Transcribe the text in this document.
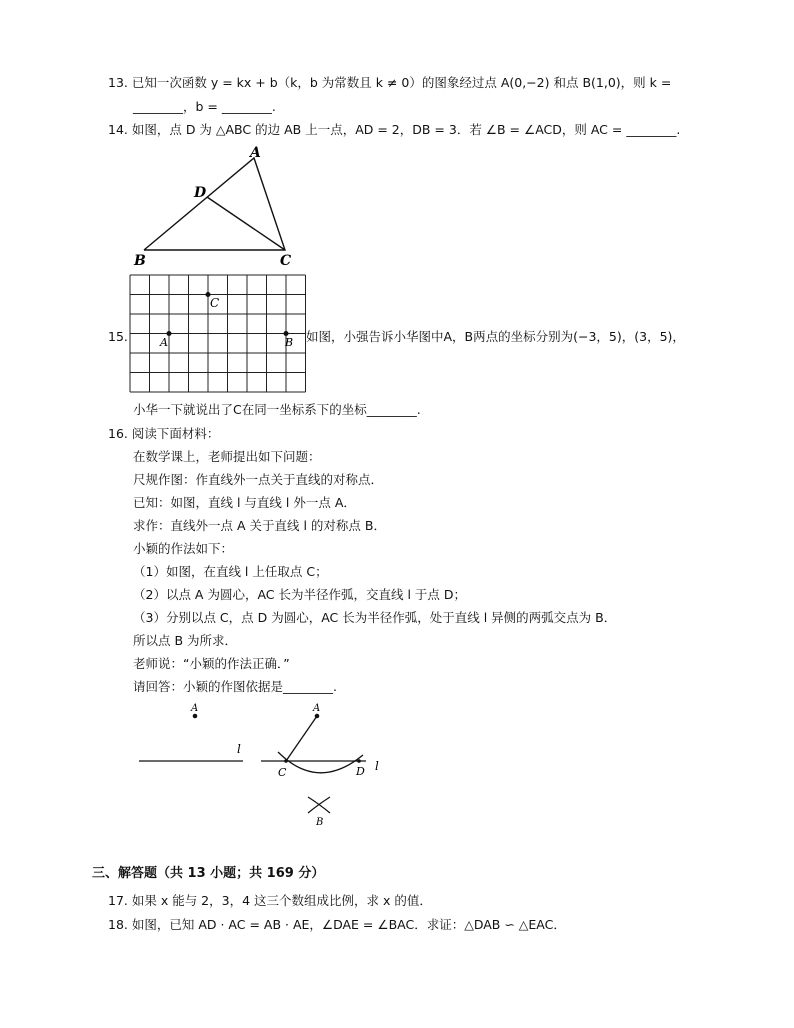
13. 已知一次函数 y = kx + b（k，b 为常数且 k ≠ 0）的图象经过点 A(0,−2) 和点 B(1,0)，则 k =
________，b = ________.
14. 如图，点 D 为 △ABC 的边 AB 上一点，AD = 2，DB = 3．若 ∠B = ∠ACD，则 AC = ________.
A
D
B	C
15.
C
A	B 如图，小强告诉小华图中A，B两点的坐标分别为(−3，5)，(3，5)，
小华一下就说出了C在同一坐标系下的坐标________.
16. 阅读下面材料：
在数学课上，老师提出如下问题：
尺规作图：作直线外一点关于直线的对称点．
已知：如图，直线 l 与直线 l 外一点 A．
求作：直线外一点 A 关于直线 l 的对称点 B．
小颖的作法如下：
（1）如图，在直线 l 上任取点 C；
（2）以点 A 为圆心，AC 长为半径作弧，交直线 l 于点 D；
（3）分别以点 C，点 D 为圆心，AC 长为半径作弧，处于直线 l 异侧的两弧交点为 B．
所以点 B 为所求．
老师说：“小颖的作法正确．”
请回答：小颖的作图依据是________.
A
l
A
l
C	D
B
三、解答题（共 13 小题；共 169 分）
17. 如果 x 能与 2，3，4 这三个数组成比例，求 x 的值．
18. 如图，已知 AD · AC = AB · AE，∠DAE = ∠BAC．求证：△DAB ∽ △EAC．
